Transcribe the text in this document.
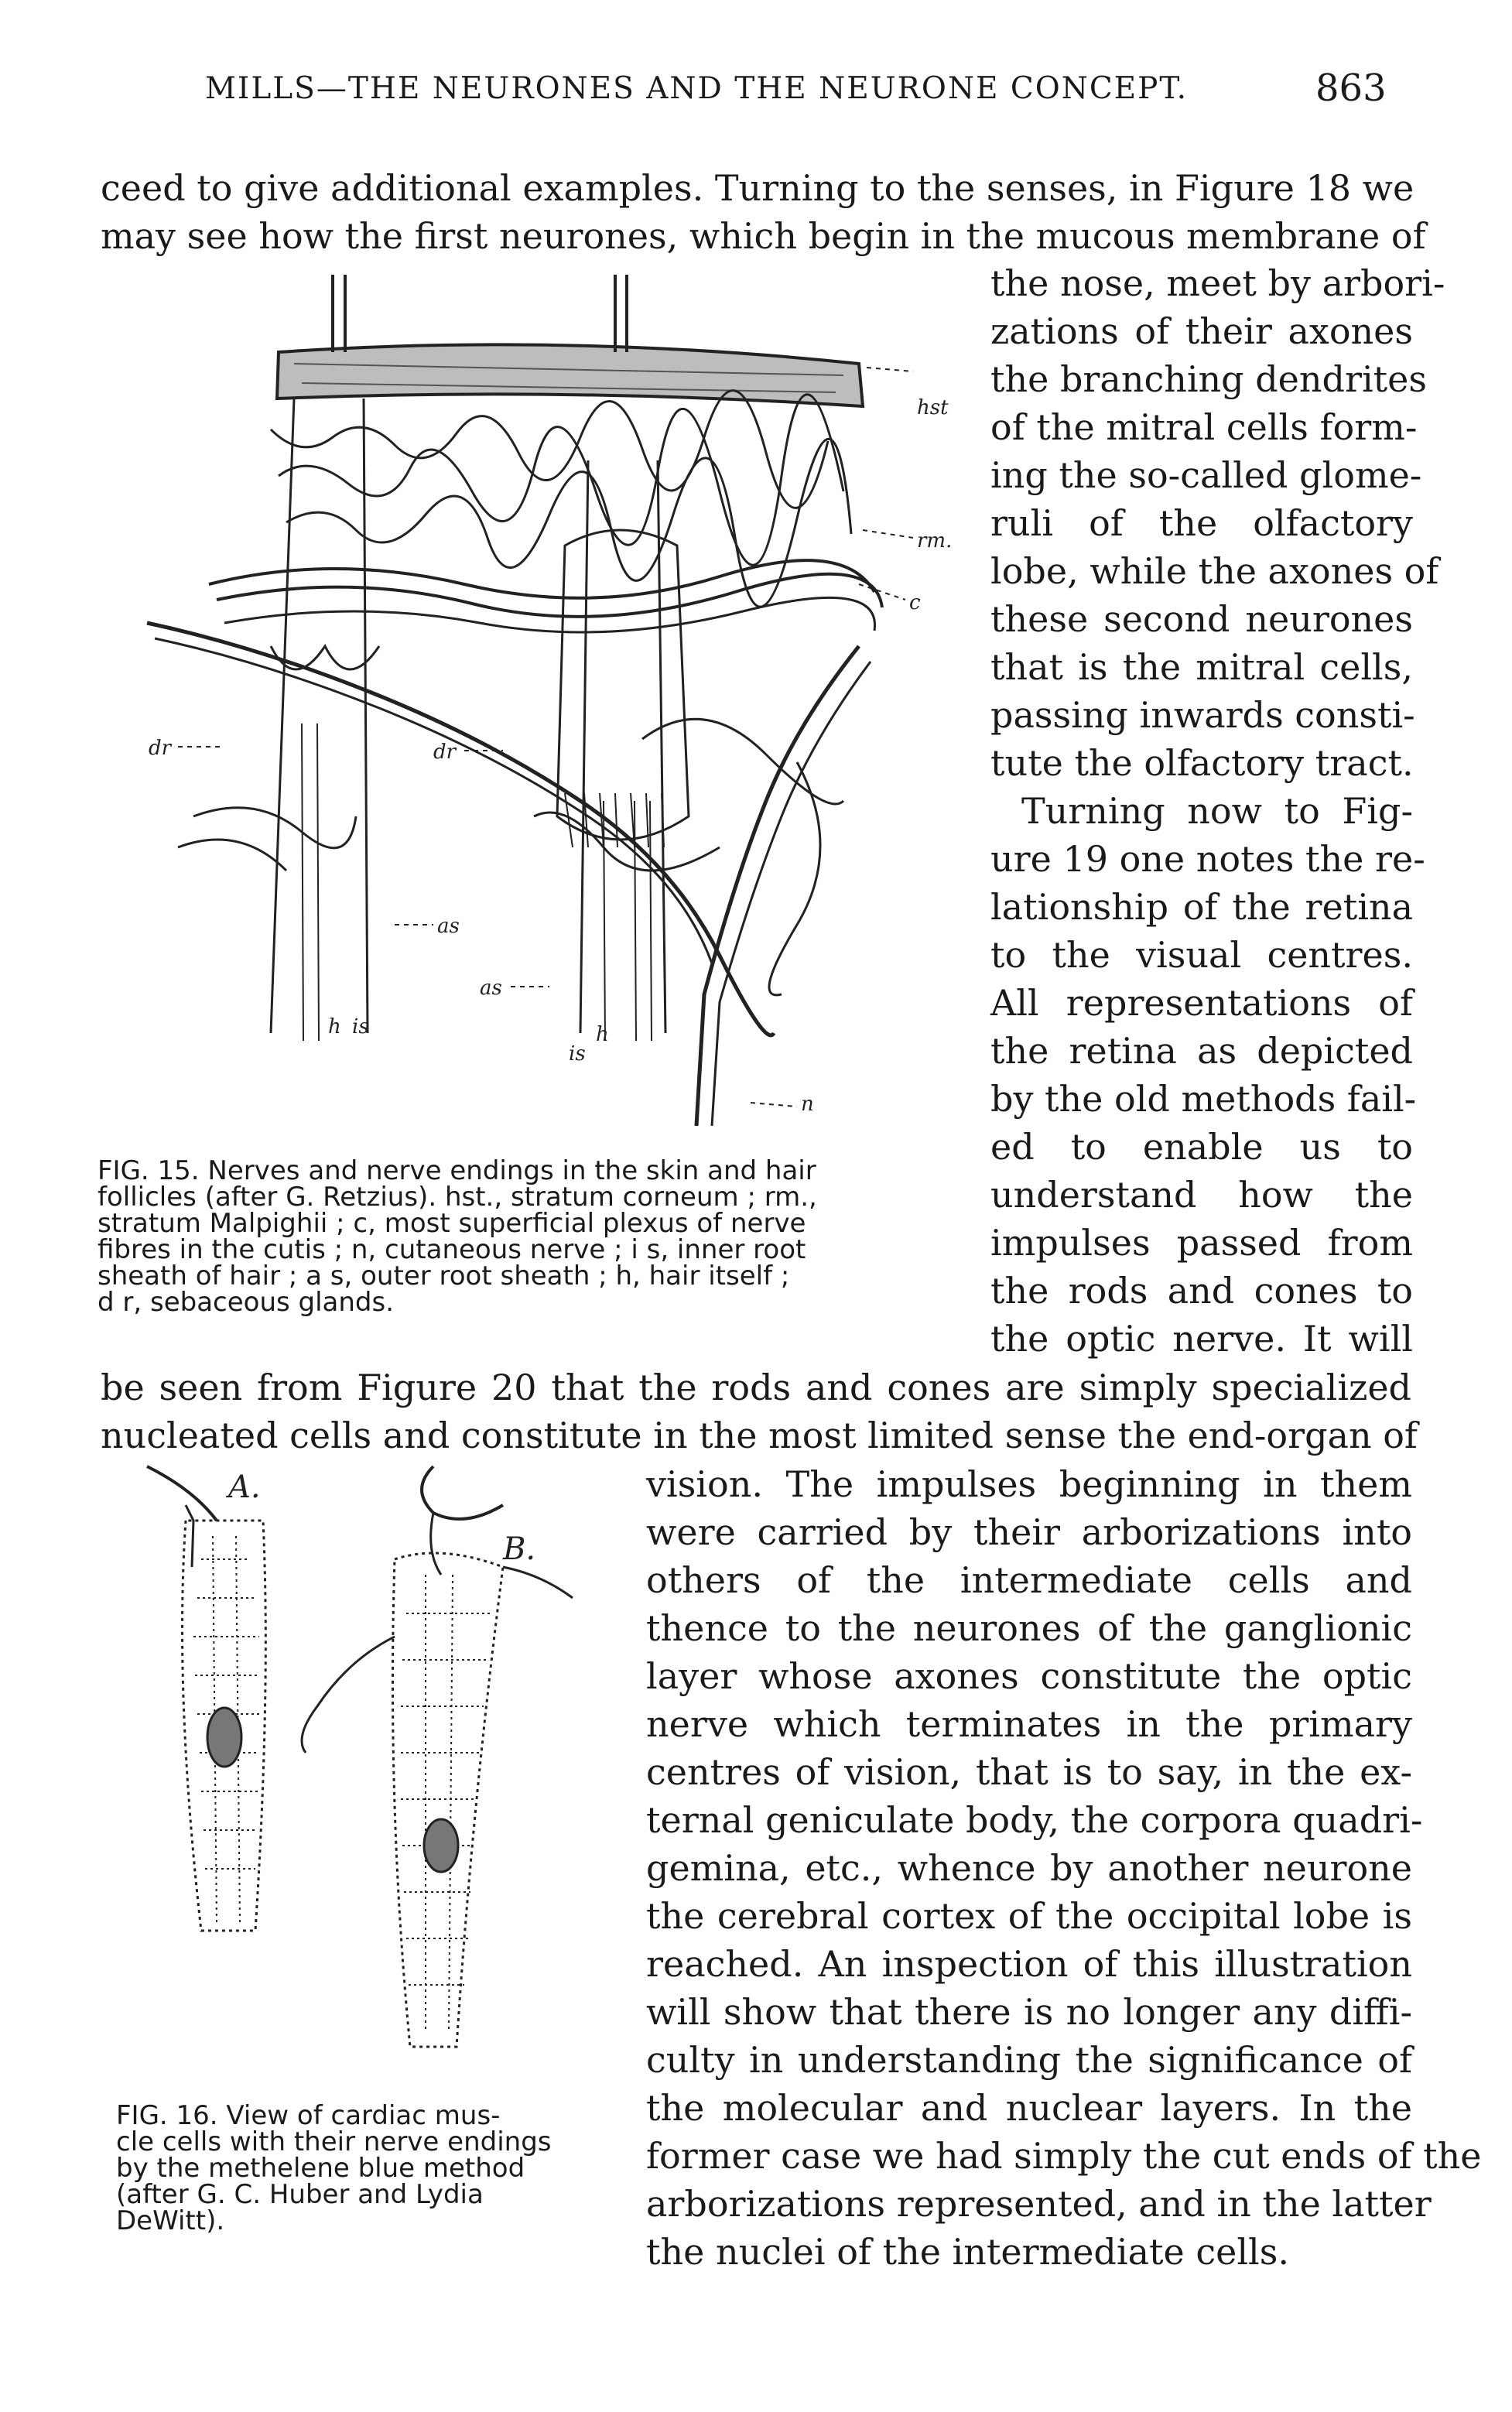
MILLS—THE NEURONES AND THE NEURONE CONCEPT.	863
ceed to give additional examples. Turning to the senses, in Figure 18 we
may see how the first neurones, which begin in the mucous membrane of
the nose, meet by arbori-
zations of their axones
the branching dendrites
of the mitral cells form-
ing the so-called glome-
ruli of the olfactory
lobe, while the axones of
these second neurones
that is the mitral cells,
passing inwards consti-
tute the olfactory tract.
Turning now to Fig-
ure 19 one notes the re-
lationship of the retina
to the visual centres.
All representations of
the retina as depicted
by the old methods fail-
ed to enable us to
understand how the
impulses passed from
the rods and cones to
the optic nerve. It will
hst
rm.
c
dr	dr
as
as
h is
is
h
n
FIG. 15. Nerves and nerve endings in the skin and hair
follicles (after G. Retzius). hst., stratum corneum ; rm.,
stratum Malpighii ; c, most superficial plexus of nerve
fibres in the cutis ; n, cutaneous nerve ; i s, inner root
sheath of hair ; a s, outer root sheath ; h, hair itself ;
d r, sebaceous glands.
be seen from Figure 20 that the rods and cones are simply specialized
nucleated cells and constitute in the most limited sense the end-organ of
vision. The impulses beginning in them
were carried by their arborizations into
others of the intermediate cells and
thence to the neurones of the ganglionic
layer whose axones constitute the optic
nerve which terminates in the primary
centres of vision, that is to say, in the ex-
ternal geniculate body, the corpora quadri-
gemina, etc., whence by another neurone
the cerebral cortex of the occipital lobe is
reached. An inspection of this illustration
will show that there is no longer any diffi-
culty in understanding the significance of
the molecular and nuclear layers. In the
former case we had simply the cut ends of the
arborizations represented, and in the latter
the nuclei of the intermediate cells.
A.
B.
FIG. 16. View of cardiac mus-
cle cells with their nerve endings
by the methelene blue method
(after G. C. Huber and Lydia
DeWitt).
